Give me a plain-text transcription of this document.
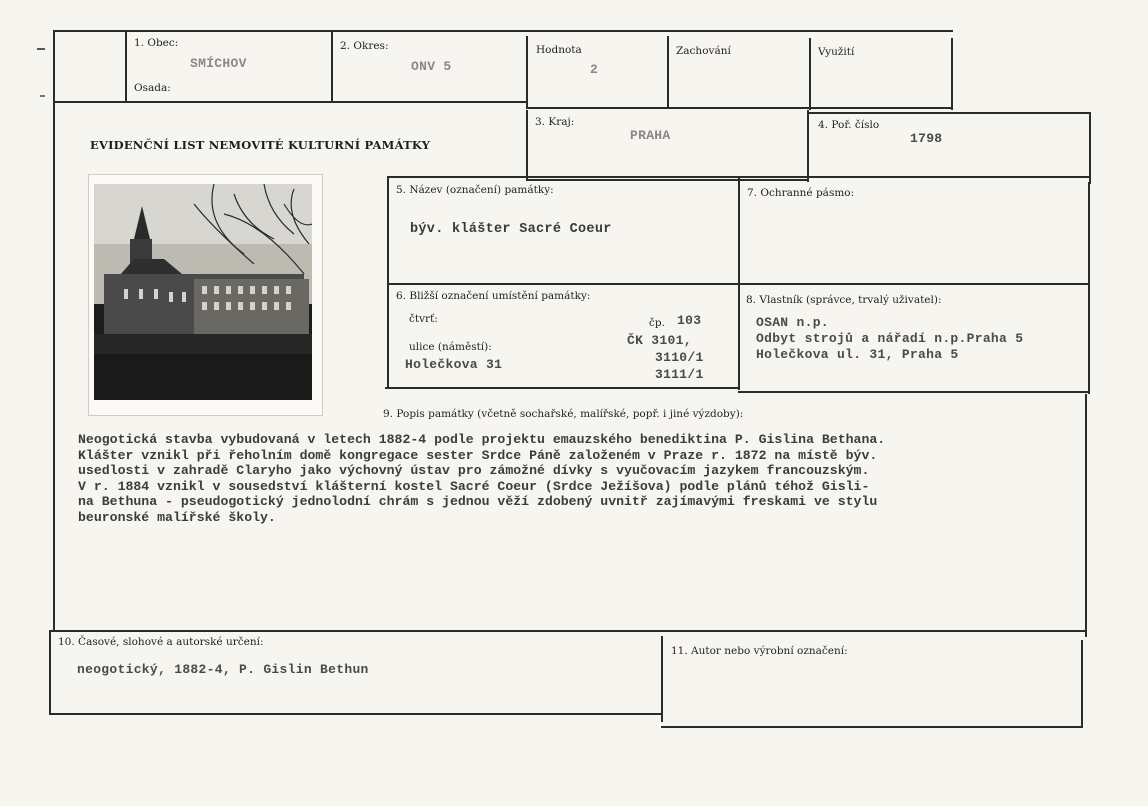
1. Obec:
SMÍCHOV
Osada:
2. Okres:
ONV 5
Hodnota
2
Zachování	Využití
EVIDENČNÍ LIST NEMOVITÉ KULTURNÍ PAMÁTKY
3. Kraj:
PRAHA
4. Poř. číslo
1798
5. Název (označení) památky:
býv. klášter Sacré Coeur
7. Ochranné pásmo:
6. Bližší označení umístění památky:
čtvrť:	čp. 103
ulice (náměstí):
Holečkova 31
ČK 3101,
3110/1
3111/1
8. Vlastník (správce, trvalý uživatel):
OSAN n.p.
Odbyt strojů a nářadí n.p.Praha 5
Holečkova ul. 31, Praha 5
9. Popis památky (včetně sochařské, malířské, popř. i jiné výzdoby):
Neogotická stavba vybudovaná v letech 1882-4 podle projektu emauzského benediktina P. Gislina Bethana.
Klášter vznikl při řeholním domě kongregace sester Srdce Páně založeném v Praze r. 1872 na místě býv.
usedlosti v zahradě Claryho jako výchovný ústav pro zámožné dívky s vyučovacím jazykem francouzským.
V r. 1884 vznikl v sousedství klášterní kostel Sacré Coeur (Srdce Ježíšova) podle plánů téhož Gisli-
na Bethuna - pseudogotický jednolodní chrám s jednou věží zdobený uvnitř zajímavými freskami ve stylu
beuronské malířské školy.
10. Časové, slohové a autorské určení:
neogotický, 1882-4, P. Gislin Bethun
11. Autor nebo výrobní označení:
